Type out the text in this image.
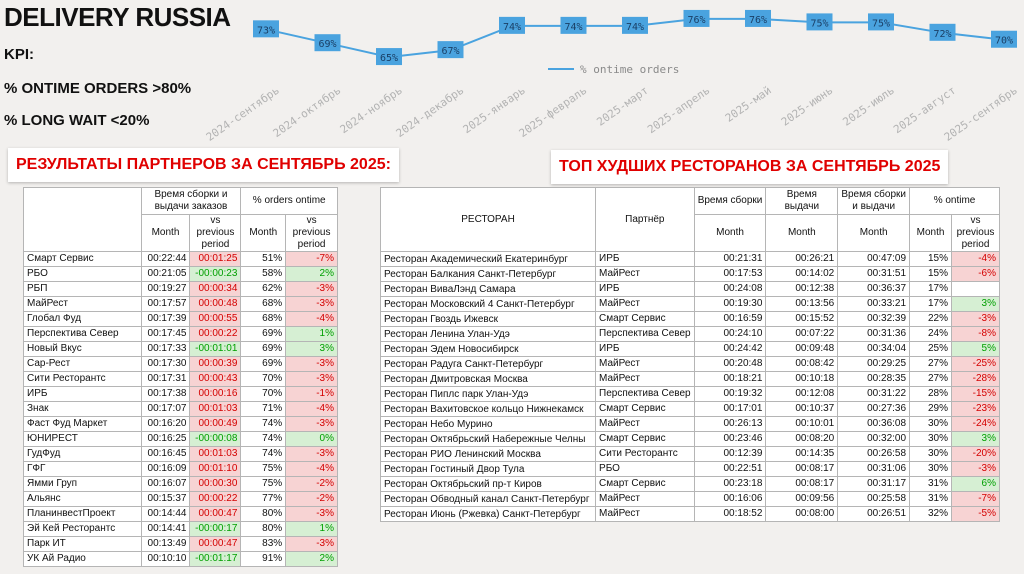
DELIVERY RUSSIA
KPI:
% ONTIME ORDERS >80%
% LONG WAIT <20%
73%
2024-сентябрь
69%
2024-октябрь
65%
2024-ноябрь
67%
2024-декабрь
74%
2025-январь
74%
2025-февраль
74%
2025-март
76%
2025-апрель
76%
2025-май
75%
2025-июнь
75%
2025-июль
72%
2025-август
70%
2025-сентябрь
% ontime orders
РЕЗУЛЬТАТЫ ПАРТНЕРОВ ЗА СЕНТЯБРЬ 2025:	ТОП ХУДШИХ РЕСТОРАНОВ ЗА СЕНТЯБРЬ 2025
	Время сборки и выдачи заказов		% orders ontime	
	Month	vs previous period	Month	vs previous period
Смарт Сервис	00:22:44	00:01:25	51%	-7%
РБО	00:21:05	-00:00:23	58%	2%
РБП	00:19:27	00:00:34	62%	-3%
МайРест	00:17:57	00:00:48	68%	-3%
Глобал Фуд	00:17:39	00:00:55	68%	-4%
Перспектива Север	00:17:45	00:00:22	69%	1%
Новый Вкус	00:17:33	-00:01:01	69%	3%
Сар-Рест	00:17:30	00:00:39	69%	-3%
Сити Ресторантс	00:17:31	00:00:43	70%	-3%
ИРБ	00:17:38	00:00:16	70%	-1%
Знак	00:17:07	00:01:03	71%	-4%
Фаст Фуд Маркет	00:16:20	00:00:49	74%	-3%
ЮНИРЕСТ	00:16:25	-00:00:08	74%	0%
ГудФуд	00:16:45	00:01:03	74%	-3%
ГФГ	00:16:09	00:01:10	75%	-4%
Ямми Груп	00:16:07	00:00:30	75%	-2%
Альянс	00:15:37	00:00:22	77%	-2%
ПланинвестПроект	00:14:44	00:00:47	80%	-3%
Эй Кей Ресторантс	00:14:41	-00:00:17	80%	1%
Парк ИТ	00:13:49	00:00:47	83%	-3%
УК Ай Радио	00:10:10	-00:01:17	91%	2%
РЕСТОРАН	Партнёр	Время сборки	Время выдачи	Время сборки и выдачи	% ontime	
		Month	Month	Month	Month	vs previous period
Ресторан Академический Екатеринбург	ИРБ	00:21:31	00:26:21	00:47:09	15%	-4%
Ресторан Балкания Санкт-Петербург	МайРест	00:17:53	00:14:02	00:31:51	15%	-6%
Ресторан ВиваЛэнд Самара	ИРБ	00:24:08	00:12:38	00:36:37	17%	
Ресторан Московский 4 Санкт-Петербург	МайРест	00:19:30	00:13:56	00:33:21	17%	3%
Ресторан Гвоздь Ижевск	Смарт Сервис	00:16:59	00:15:52	00:32:39	22%	-3%
Ресторан Ленина Улан-Удэ	Перспектива Север	00:24:10	00:07:22	00:31:36	24%	-8%
Ресторан Эдем Новосибирск	ИРБ	00:24:42	00:09:48	00:34:04	25%	5%
Ресторан Радуга Санкт-Петербург	МайРест	00:20:48	00:08:42	00:29:25	27%	-25%
Ресторан Дмитровская Москва	МайРест	00:18:21	00:10:18	00:28:35	27%	-28%
Ресторан Пиплс парк Улан-Удэ	Перспектива Север	00:19:32	00:12:08	00:31:22	28%	-15%
Ресторан Вахитовское кольцо Нижнекамск	Смарт Сервис	00:17:01	00:10:37	00:27:36	29%	-23%
Ресторан Небо Мурино	МайРест	00:26:13	00:10:01	00:36:08	30%	-24%
Ресторан Октябрьский Набережные Челны	Смарт Сервис	00:23:46	00:08:20	00:32:00	30%	3%
Ресторан РИО Ленинский Москва	Сити Ресторантс	00:12:39	00:14:35	00:26:58	30%	-20%
Ресторан Гостиный Двор Тула	РБО	00:22:51	00:08:17	00:31:06	30%	-3%
Ресторан Октябрьский пр-т Киров	Смарт Сервис	00:23:18	00:08:17	00:31:17	31%	6%
Ресторан Обводный канал Санкт-Петербург	МайРест	00:16:06	00:09:56	00:25:58	31%	-7%
Ресторан Июнь (Ржевка) Санкт-Петербург	МайРест	00:18:52	00:08:00	00:26:51	32%	-5%
